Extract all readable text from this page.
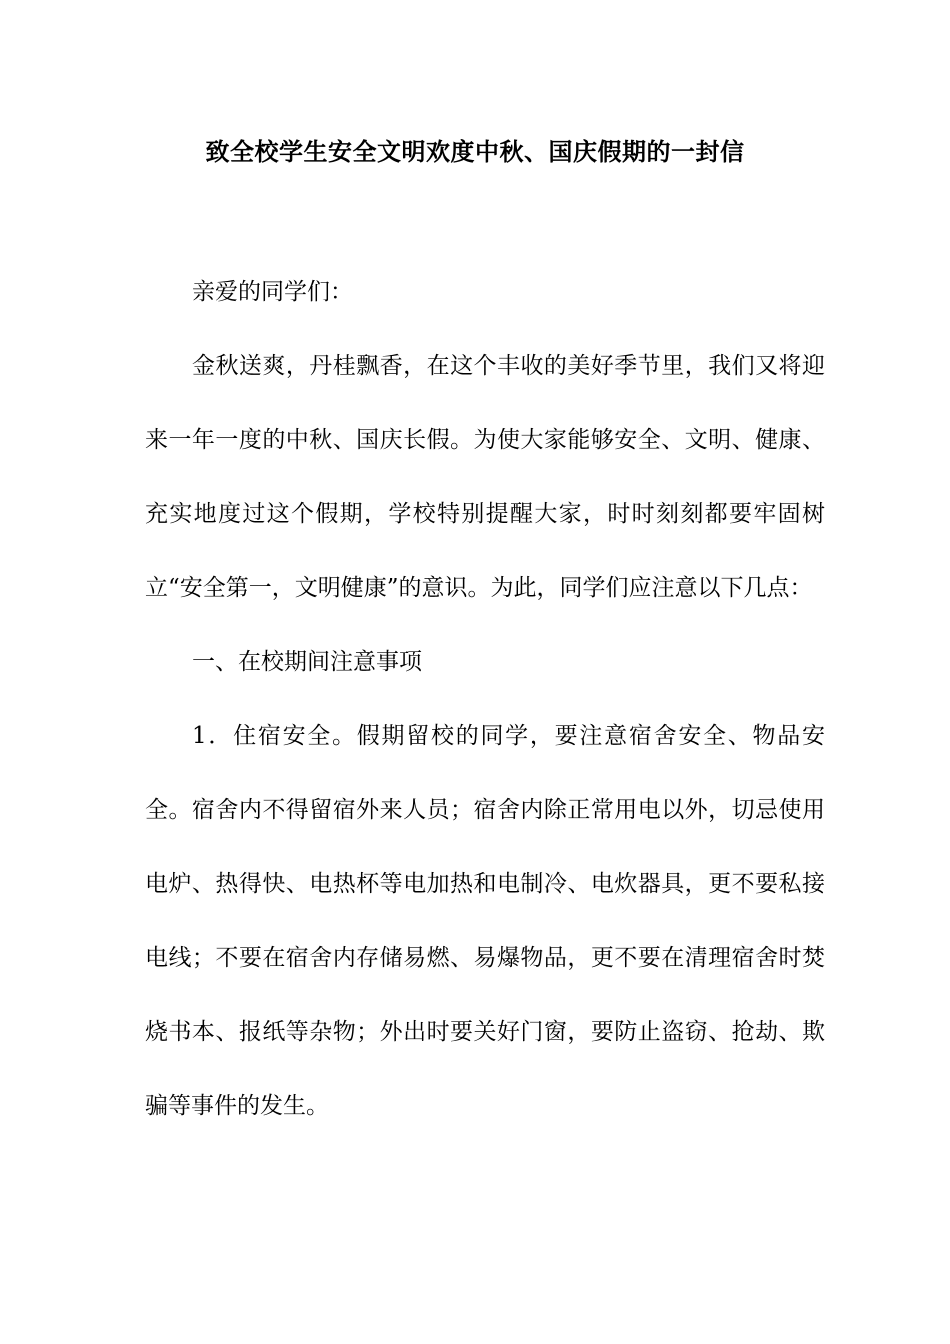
致全校学生安全文明欢度中秋、国庆假期的一封信

亲爱的同学们：

金秋送爽，丹桂飘香，在这个丰收的美好季节里，我们又将迎来一年一度的中秋、国庆长假。为使大家能够安全、文明、健康、充实地度过这个假期，学校特别提醒大家，时时刻刻都要牢固树立“安全第一，文明健康”的意识。为此，同学们应注意以下几点：

一、在校期间注意事项

1．住宿安全。假期留校的同学，要注意宿舍安全、物品安全。宿舍内不得留宿外来人员；宿舍内除正常用电以外，切忌使用电炉、热得快、电热杯等电加热和电制冷、电炊器具，更不要私接电线；不要在宿舍内存储易燃、易爆物品，更不要在清理宿舍时焚烧书本、报纸等杂物；外出时要关好门窗，要防止盗窃、抢劫、欺骗等事件的发生。
